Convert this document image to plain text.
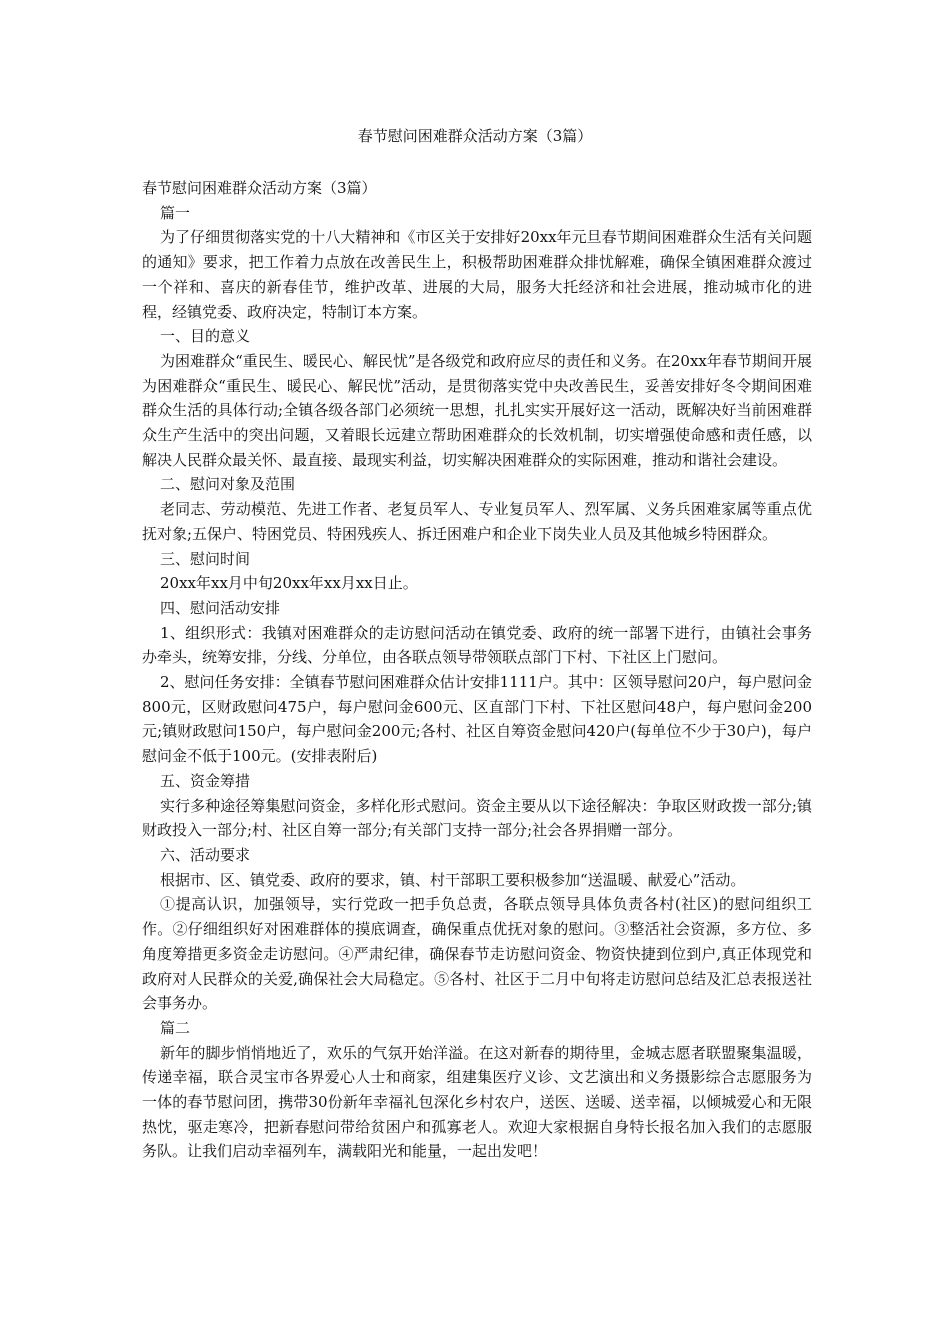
春节慰问困难群众活动方案（3篇）

春节慰问困难群众活动方案（3篇）

篇一

为了仔细贯彻落实党的十八大精神和《市区关于安排好20xx年元旦春节期间困难群众生活有关问题的通知》要求，把工作着力点放在改善民生上，积极帮助困难群众排忧解难，确保全镇困难群众渡过一个祥和、喜庆的新春佳节，维护改革、进展的大局，服务大托经济和社会进展，推动城市化的进程，经镇党委、政府决定，特制订本方案。

一、目的意义

为困难群众“重民生、暖民心、解民忧”是各级党和政府应尽的责任和义务。在20xx年春节期间开展为困难群众“重民生、暖民心、解民忧”活动，是贯彻落实党中央改善民生，妥善安排好冬令期间困难群众生活的具体行动;全镇各级各部门必须统一思想，扎扎实实开展好这一活动，既解决好当前困难群众生产生活中的突出问题，又着眼长远建立帮助困难群众的长效机制，切实增强使命感和责任感，以解决人民群众最关怀、最直接、最现实利益，切实解决困难群众的实际困难，推动和谐社会建设。

二、慰问对象及范围

老同志、劳动模范、先进工作者、老复员军人、专业复员军人、烈军属、义务兵困难家属等重点优抚对象;五保户、特困党员、特困残疾人、拆迁困难户和企业下岗失业人员及其他城乡特困群众。

三、慰问时间

20xx年xx月中旬20xx年xx月xx日止。

四、慰问活动安排

1、组织形式：我镇对困难群众的走访慰问活动在镇党委、政府的统一部署下进行，由镇社会事务办牵头，统筹安排，分线、分单位，由各联点领导带领联点部门下村、下社区上门慰问。

2、慰问任务安排：全镇春节慰问困难群众估计安排1111户。其中：区领导慰问20户，每户慰问金800元，区财政慰问475户，每户慰问金600元、区直部门下村、下社区慰问48户，每户慰问金200元;镇财政慰问150户，每户慰问金200元;各村、社区自筹资金慰问420户(每单位不少于30户)，每户慰问金不低于100元。(安排表附后)

五、资金筹措

实行多种途径筹集慰问资金，多样化形式慰问。资金主要从以下途径解决：争取区财政拨一部分;镇财政投入一部分;村、社区自筹一部分;有关部门支持一部分;社会各界捐赠一部分。

六、活动要求

根据市、区、镇党委、政府的要求，镇、村干部职工要积极参加“送温暖、献爱心”活动。

①提高认识，加强领导，实行党政一把手负总责，各联点领导具体负责各村(社区)的慰问组织工作。②仔细组织好对困难群体的摸底调查，确保重点优抚对象的慰问。③整活社会资源，多方位、多角度筹措更多资金走访慰问。④严肃纪律，确保春节走访慰问资金、物资快捷到位到户,真正体现党和政府对人民群众的关爱,确保社会大局稳定。⑤各村、社区于二月中旬将走访慰问总结及汇总表报送社会事务办。

篇二

新年的脚步悄悄地近了，欢乐的气氛开始洋溢。在这对新春的期待里，金城志愿者联盟聚集温暖，传递幸福，联合灵宝市各界爱心人士和商家，组建集医疗义诊、文艺演出和义务摄影综合志愿服务为一体的春节慰问团，携带30份新年幸福礼包深化乡村农户，送医、送暖、送幸福，以倾城爱心和无限热忱，驱走寒冷，把新春慰问带给贫困户和孤寡老人。欢迎大家根据自身特长报名加入我们的志愿服务队。让我们启动幸福列车，满载阳光和能量，一起出发吧！
